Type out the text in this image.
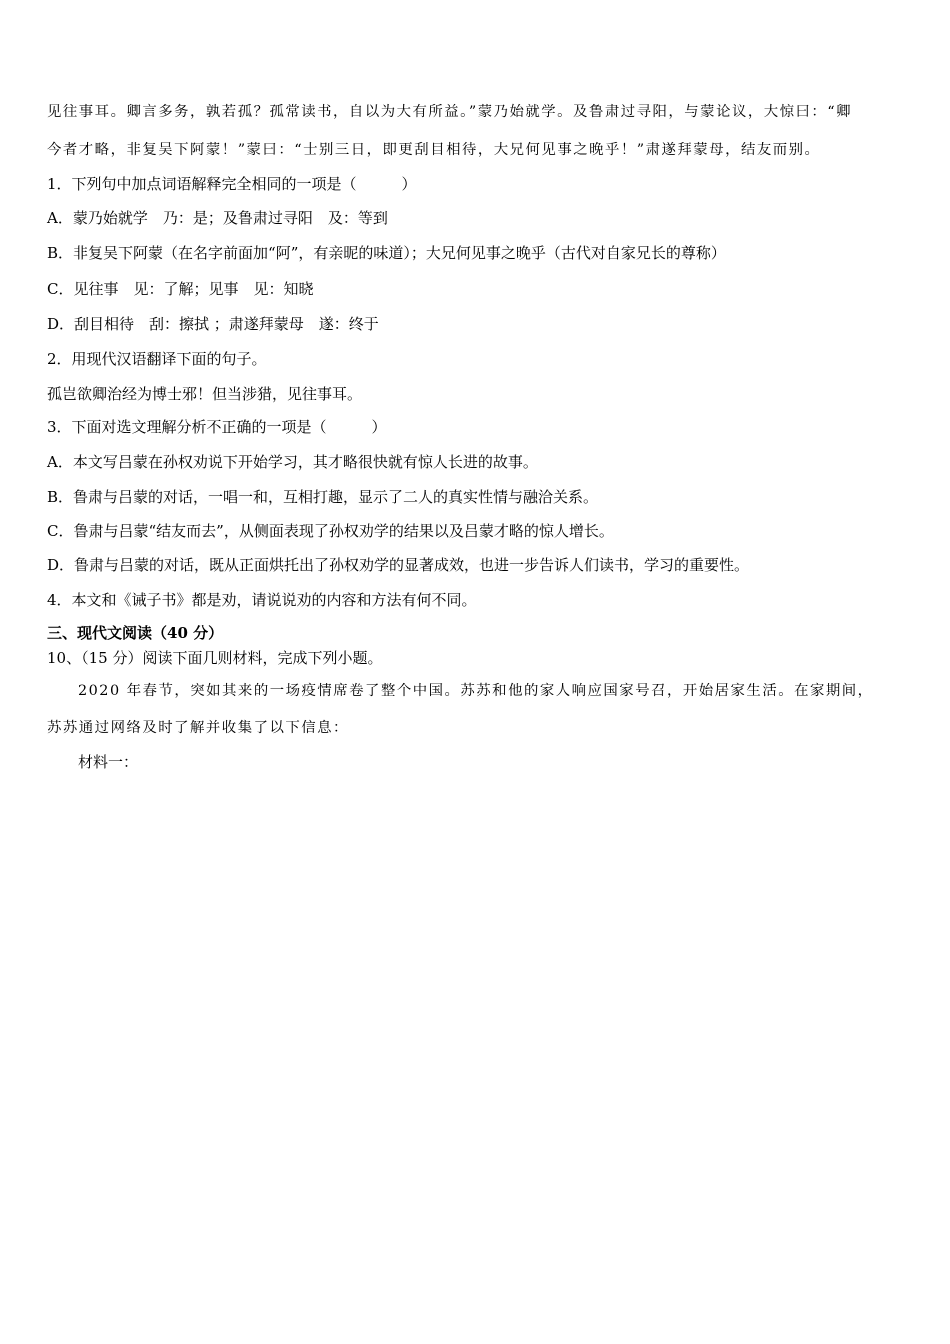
见往事耳。卿言多务，孰若孤？孤常读书，自以为大有所益。”蒙乃始就学。及鲁肃过寻阳，与蒙论议，大惊曰：“卿
今者才略，非复吴下阿蒙！”蒙曰：“士别三日，即更刮目相待，大兄何见事之晚乎！”肃遂拜蒙母，结友而别。
1．下列句中加点词语解释完全相同的一项是（　　　）
A．蒙乃始就学　乃：是；及鲁肃过寻阳　及：等到
B．非复吴下阿蒙（在名字前面加“阿”，有亲昵的味道）；大兄何见事之晚乎（古代对自家兄长的尊称）
C．见往事　见：了解；见事　见：知晓
D．刮目相待　刮：擦拭 ；肃遂拜蒙母　遂：终于
2．用现代汉语翻译下面的句子。
孤岂欲卿治经为博士邪！但当涉猎，见往事耳。
3．下面对选文理解分析不正确的一项是（　　　）
A．本文写吕蒙在孙权劝说下开始学习，其才略很快就有惊人长进的故事。
B．鲁肃与吕蒙的对话，一唱一和，互相打趣，显示了二人的真实性情与融洽关系。
C．鲁肃与吕蒙“结友而去”，从侧面表现了孙权劝学的结果以及吕蒙才略的惊人增长。
D．鲁肃与吕蒙的对话，既从正面烘托出了孙权劝学的显著成效，也进一步告诉人们读书，学习的重要性。
4．本文和《诫子书》都是劝，请说说劝的内容和方法有何不同。
三、现代文阅读（40 分）
10、（15 分）阅读下面几则材料，完成下列小题。
2020 年春节，突如其来的一场疫情席卷了整个中国。苏苏和他的家人响应国家号召，开始居家生活。在家期间，
苏苏通过网络及时了解并收集了以下信息：
材料一：
